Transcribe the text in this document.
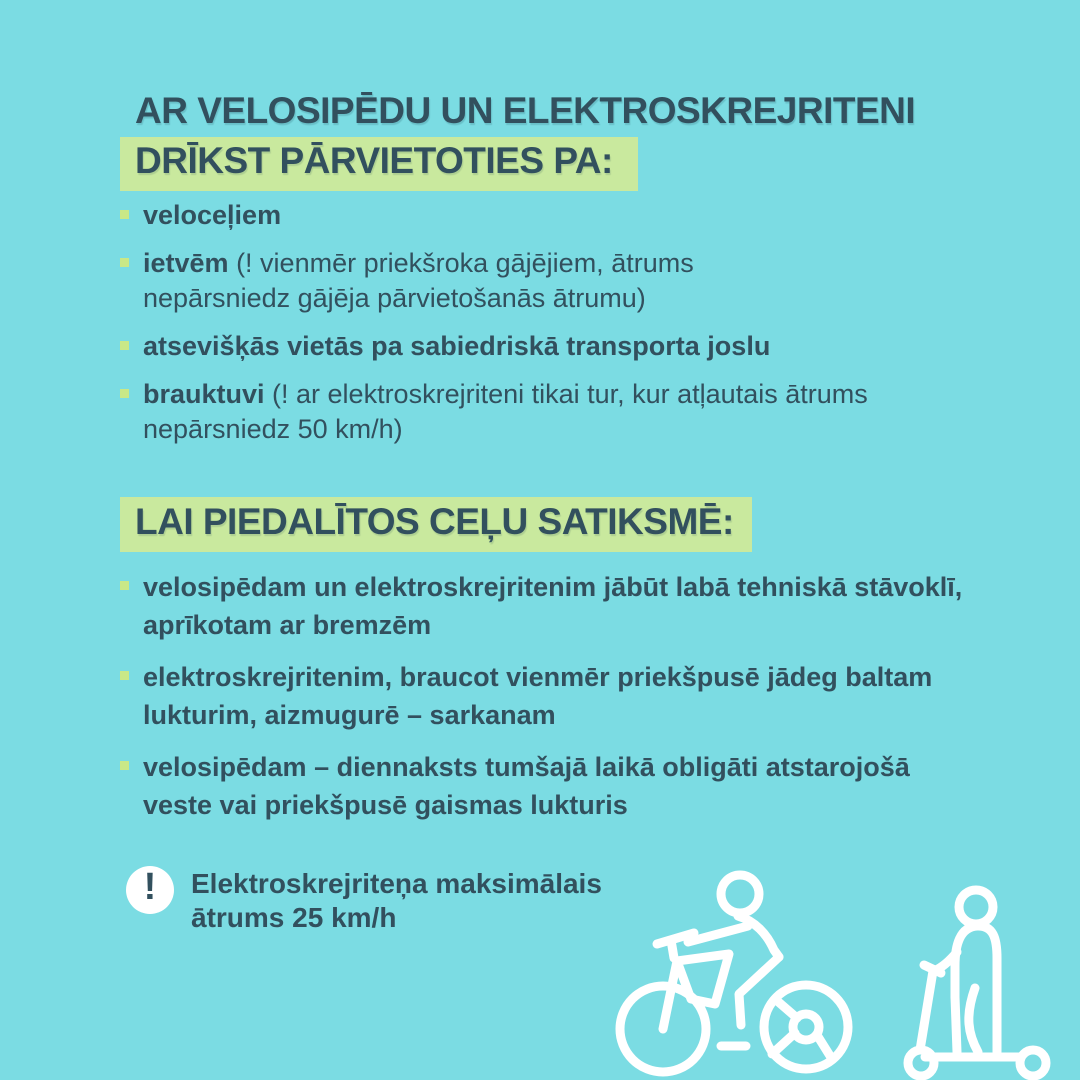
AR VELOSIPĒDU UN ELEKTROSKREJRITENI
DRĪKST PĀRVIETOTIES PA:
veloceļiem
ietvēm (! vienmēr priekšroka gājējiem, ātrums nepārsniedz gājēja pārvietošanās ātrumu)
atsevišķās vietās pa sabiedriskā transporta joslu
brauktuvi (! ar elektroskrejriteni tikai tur, kur atļautais ātrums nepārsniedz 50 km/h)
LAI PIEDALĪTOS CEĻU SATIKSMĒ:
velosipēdam un elektroskrejritenim jābūt labā tehniskā stāvoklī, aprīkotam ar bremzēm
elektroskrejritenim, braucot vienmēr priekšpusē jādeg baltam lukturim, aizmugurē – sarkanam
velosipēdam – diennaksts tumšajā laikā obligāti atstarojošā veste vai priekšpusē gaismas lukturis
! Elektroskrejriteņa maksimālais ātrums 25 km/h
